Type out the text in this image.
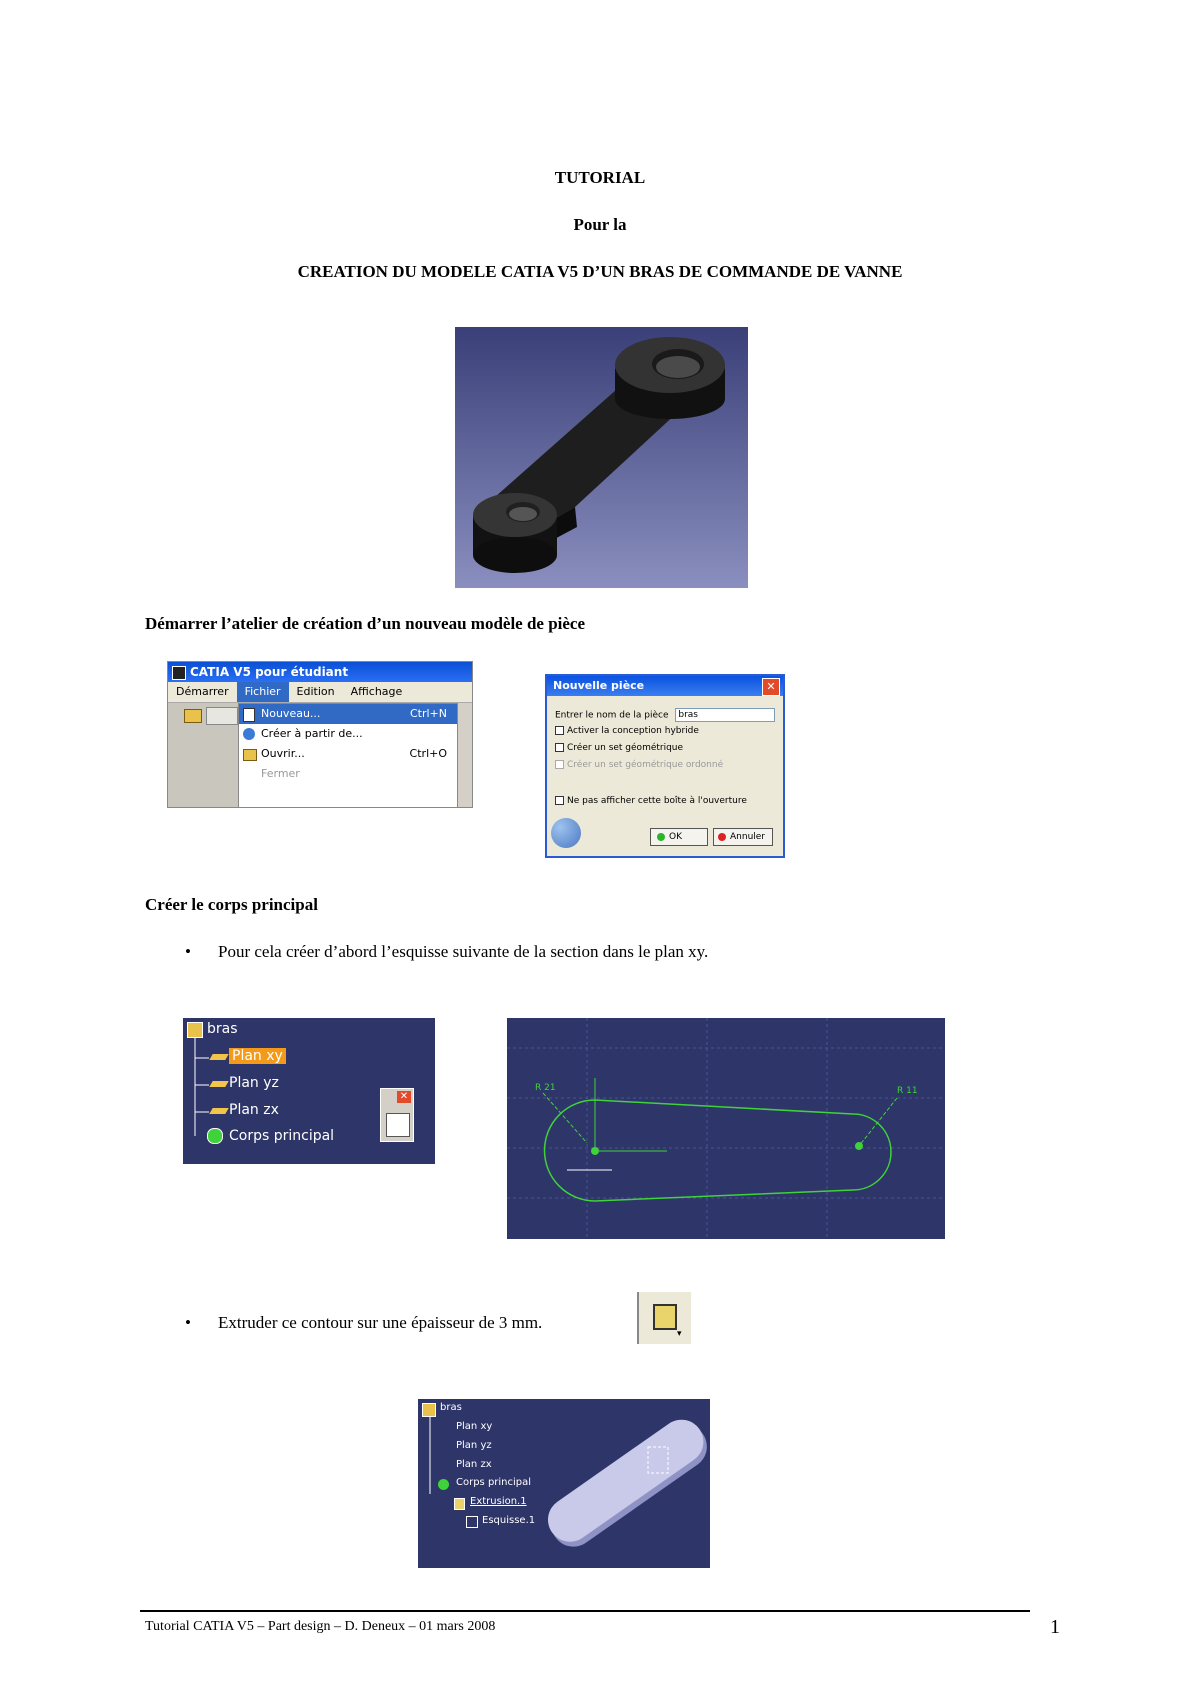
TUTORIAL
Pour la
CREATION DU MODELE CATIA V5 D’UN BRAS DE COMMANDE DE VANNE
Démarrer l’atelier de création d’un nouveau modèle de pièce
CATIA V5 pour étudiant
Démarrer Fichier Edition Affichage
Nouveau...	Ctrl+N
Créer à partir de...
Ouvrir...	Ctrl+O
Fermer
Nouvelle pièce	✕
Entrer le nom de la pièce bras
Activer la conception hybride
Créer un set géométrique
Créer un set géométrique ordonné
Ne pas afficher cette boîte à l'ouverture
OK	Annuler
Créer le corps principal
• Pour cela créer d’abord l’esquisse suivante de la section dans le plan xy.
bras
Plan xy
Plan yz
Plan zx
Corps principal
✕
R 21	R 11
• Extruder ce contour sur une épaisseur de 3 mm.
▾
bras
Plan xy
Plan yz
Plan zx
Corps principal
Extrusion.1
Esquisse.1
Tutorial CATIA V5 – Part design – D. Deneux – 01 mars 2008	1
